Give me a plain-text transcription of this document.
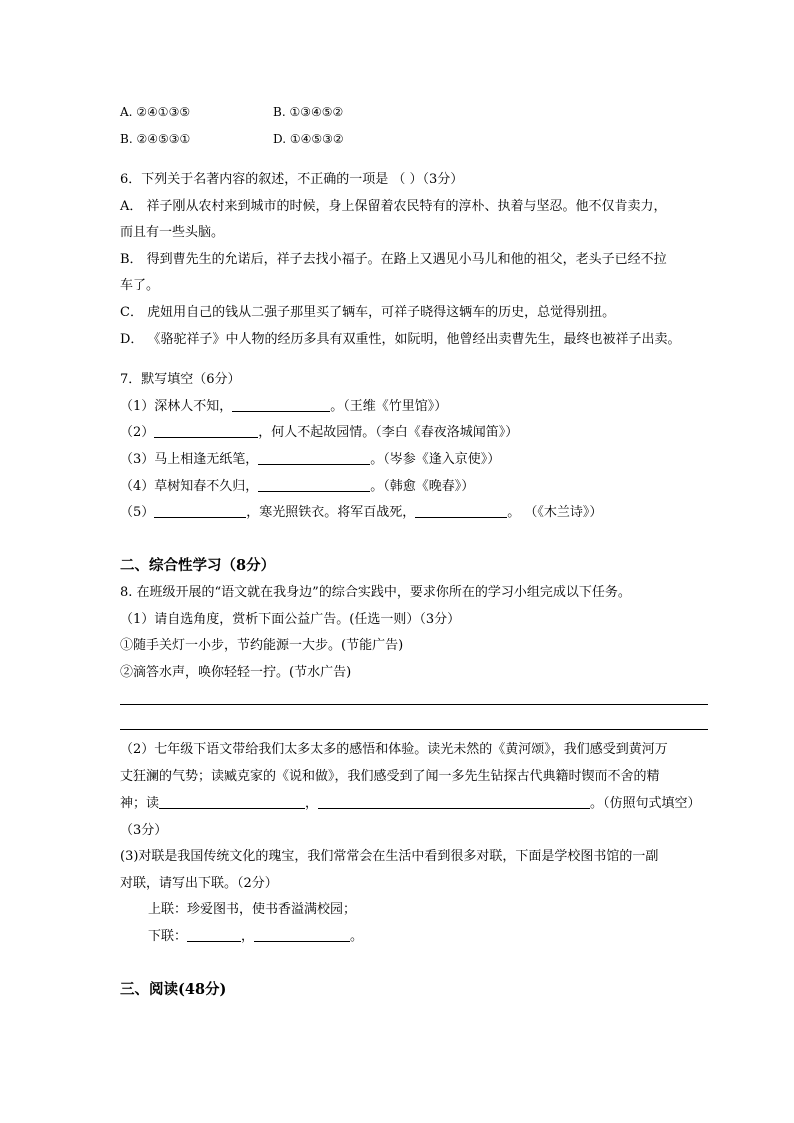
A. ②④①③⑤	B. ①③④⑤②
B. ②④⑤③①	D. ①④⑤③②
6．下列关于名著内容的叙述，不正确的一项是 （ ）（3分）
A． 祥子刚从农村来到城市的时候，身上保留着农民特有的淳朴、执着与坚忍。他不仅肯卖力，
而且有一些头脑。
B． 得到曹先生的允诺后，祥子去找小福子。在路上又遇见小马儿和他的祖父，老头子已经不拉
车了。
C． 虎妞用自己的钱从二强子那里买了辆车，可祥子晓得这辆车的历史，总觉得别扭。
D． 《骆驼祥子》中人物的经历多具有双重性，如阮明，他曾经出卖曹先生，最终也被祥子出卖。
7．默写填空（6分）
（1）深林人不知，	。（王维《竹里馆》）
（2）	，何人不起故园情。（李白《春夜洛城闻笛》）
（3）马上相逢无纸笔，	。（岑参《逢入京使》）
（4）草树知春不久归，	。（韩愈《晚春》）
（5）	，寒光照铁衣。将军百战死，	。 （《木兰诗》）
二、综合性学习（8分）
8. 在班级开展的“语文就在我身边”的综合实践中，要求你所在的学习小组完成以下任务。
（1）请自选角度，赏析下面公益广告。(任选一则）（3分）
①随手关灯一小步，节约能源一大步。(节能广告)
②滴答水声，唤你轻轻一拧。(节水广告)
（2）七年级下语文带给我们太多太多的感悟和体验。读光未然的《黄河颂》，我们感受到黄河万
丈狂澜的气势；读臧克家的《说和做》，我们感受到了闻一多先生钻探古代典籍时锲而不舍的精
神；读	，	。（仿照句式填空）
（3分）
(3)对联是我国传统文化的瑰宝，我们常常会在生活中看到很多对联，下面是学校图书馆的一副
对联，请写出下联。（2分）
上联：珍爱图书，使书香溢满校园；
下联：	，	。
三、阅读(48分)
